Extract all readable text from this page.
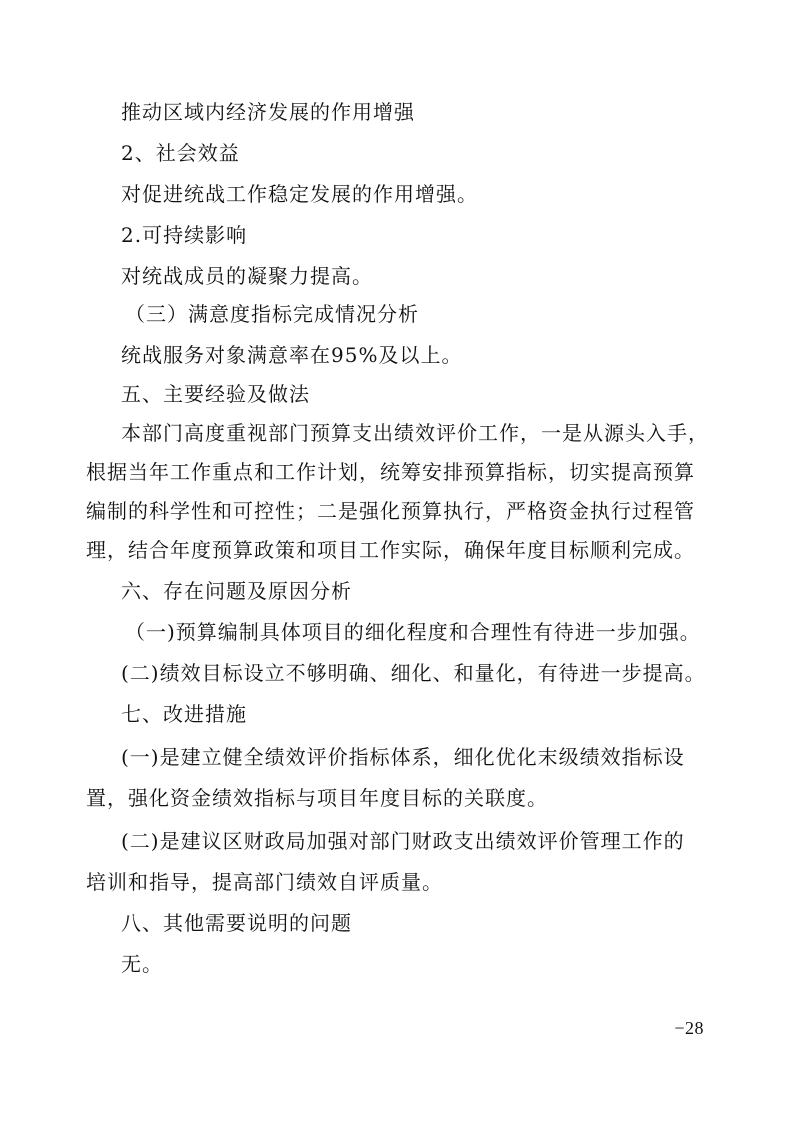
推动区域内经济发展的作用增强
2、社会效益
对促进统战工作稳定发展的作用增强。
2.可持续影响
对统战成员的凝聚力提高。
（三）满意度指标完成情况分析
统战服务对象满意率在95%及以上。
五、主要经验及做法
本部门高度重视部门预算支出绩效评价工作，一是从源头入手，
根据当年工作重点和工作计划，统筹安排预算指标，切实提高预算
编制的科学性和可控性；二是强化预算执行，严格资金执行过程管
理，结合年度预算政策和项目工作实际，确保年度目标顺利完成。
六、存在问题及原因分析
（一)预算编制具体项目的细化程度和合理性有待进一步加强。
(二)绩效目标设立不够明确、细化、和量化，有待进一步提高。
七、改进措施
(一)是建立健全绩效评价指标体系，细化优化末级绩效指标设
置，强化资金绩效指标与项目年度目标的关联度。
(二)是建议区财政局加强对部门财政支出绩效评价管理工作的
培训和指导，提高部门绩效自评质量。
八、其他需要说明的问题
无。
−28
